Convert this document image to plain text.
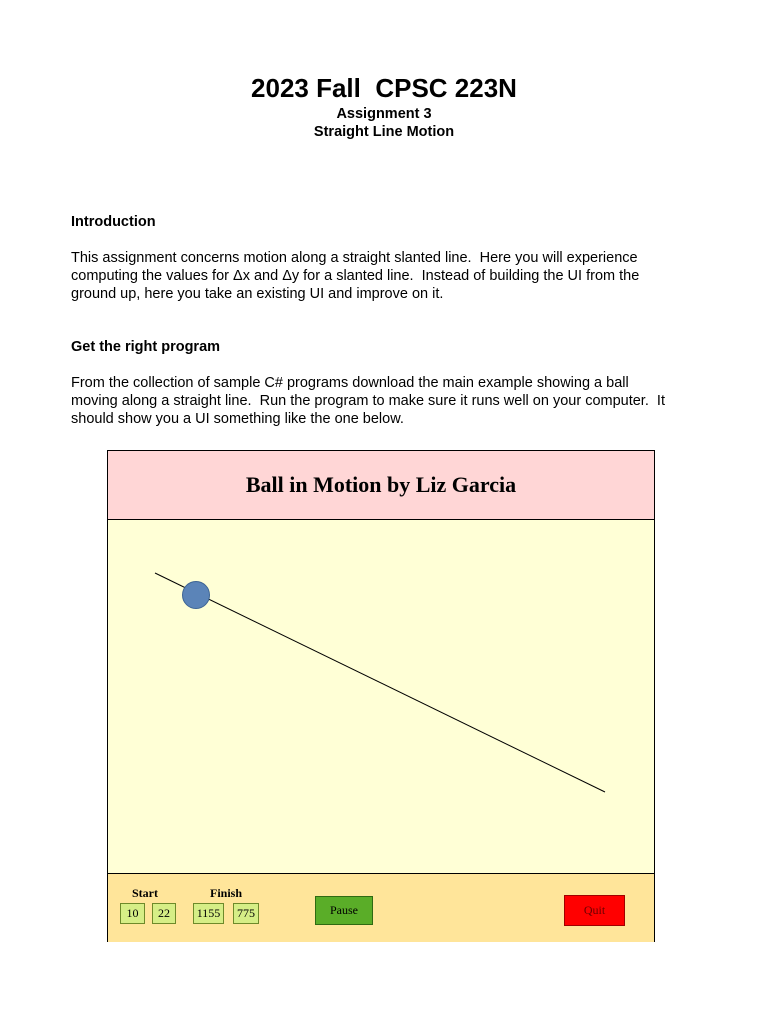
2023 Fall  CPSC 223N
Assignment 3
Straight Line Motion
Introduction
This assignment concerns motion along a straight slanted line.  Here you will experience
computing the values for Δx and Δy for a slanted line.  Instead of building the UI from the
ground up, here you take an existing UI and improve on it.
Get the right program
From the collection of sample C# programs download the main example showing a ball
moving along a straight line.  Run the program to make sure it runs well on your computer.  It
should show you a UI something like the one below.
Ball in Motion by Liz Garcia
Start	Finish
10	22	1155	775	Pause	Quit
